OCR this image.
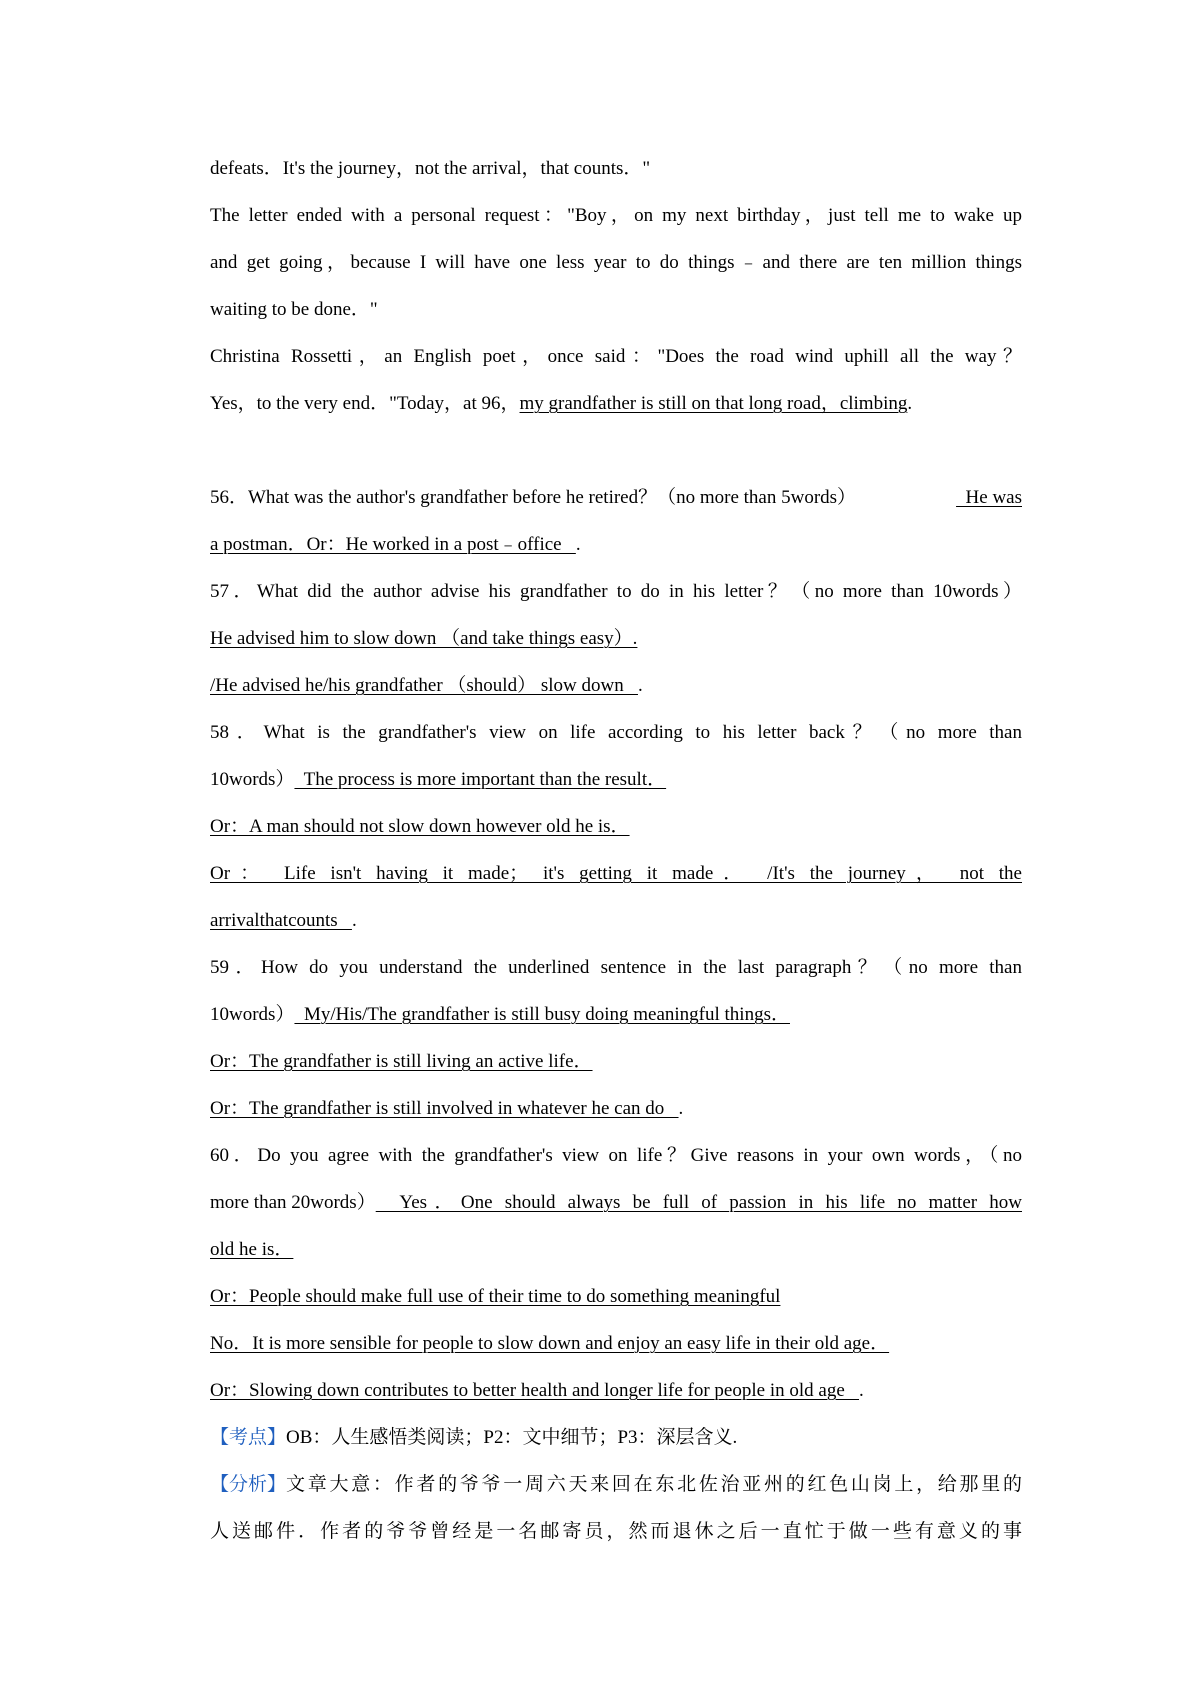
defeats．It's the journey，not the arrival，that counts．"
The letter ended with a personal request："Boy，on my next birthday，just tell me to wake up
and get going，because I will have one less year to do things﹣and there are ten million things
waiting to be done．"
Christina Rossetti，an English poet，once said："Does the road wind uphill all the way？
Yes，to the very end．"Today，at 96，my grandfather is still on that long road，climbing.
56．What was the author's grandfather before he retired？（no more than 5words）	He was
a postman．Or：He worked in a post﹣office   .
57．What did the author advise his grandfather to do in his letter？（no more than 10words）
He advised him to slow down （and take things easy）.
/He advised he/his grandfather （should） slow down   .
58．What is the grandfather's view on life according to his letter back？（no more than
10words）  The process is more important than the result．
Or：A man should not slow down however old he is．
Or： Life isn't having it made； it's getting it made． /It's the journey， not the
arrivalthatcounts   .
59．How do you understand the underlined sentence in the last paragraph？（no more than
10words）  My/His/The grandfather is still busy doing meaningful things．
Or：The grandfather is still living an active life．
Or：The grandfather is still involved in whatever he can do   .
60．Do you agree with the grandfather's view on life？Give reasons in your own words，（no
more than 20words） Yes．One should always be full of passion in his life no matter how
old he is．
Or：People should make full use of their time to do something meaningful
No．It is more sensible for people to slow down and enjoy an easy life in their old age．
Or：Slowing down contributes to better health and longer life for people in old age   .
【考点】OB：人生感悟类阅读；P2：文中细节；P3：深层含义.
【分析】 文章大意：作者的爷爷一周六天来回在东北佐治亚州的红色山岗上，给那里的
人送邮件．作者的爷爷曾经是一名邮寄员，然而退休之后一直忙于做一些有意义的事
